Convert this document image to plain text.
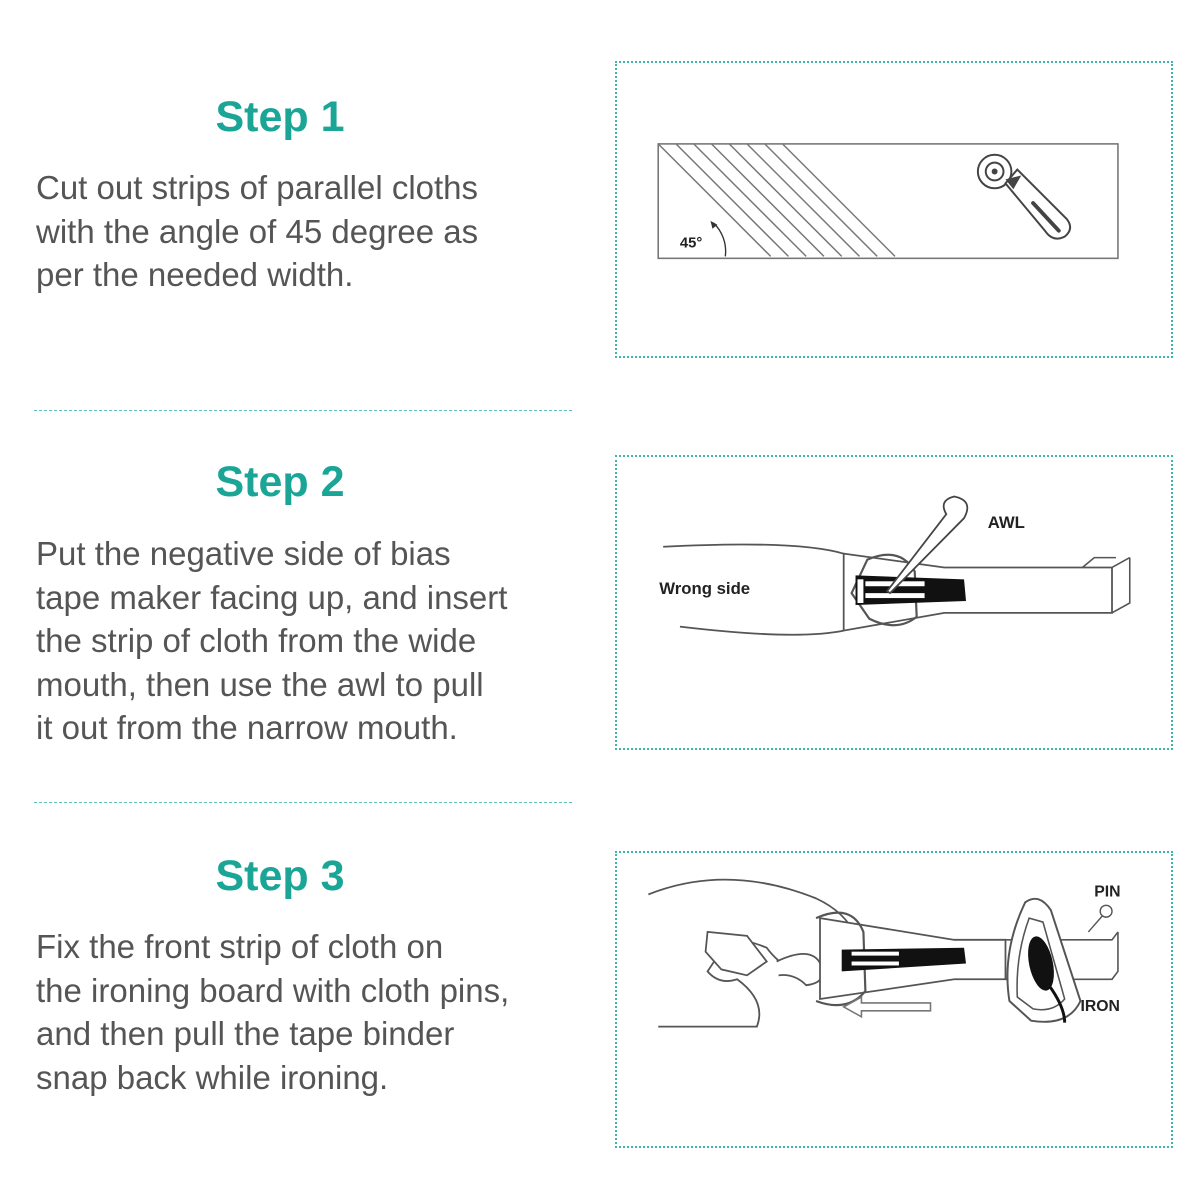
Step 1

Cut out strips of parallel cloths
with the angle of 45 degree as
per the needed width.

45°
Step 2

Put the negative side of bias
tape maker facing up, and insert
the strip of cloth from the wide
mouth, then use the awl to pull
it out from the narrow mouth.

AWL
Wrong side
Step 3

Fix the front strip of cloth on
the ironing board with cloth pins,
and then pull the tape binder
snap back while ironing.

PIN
IRON
